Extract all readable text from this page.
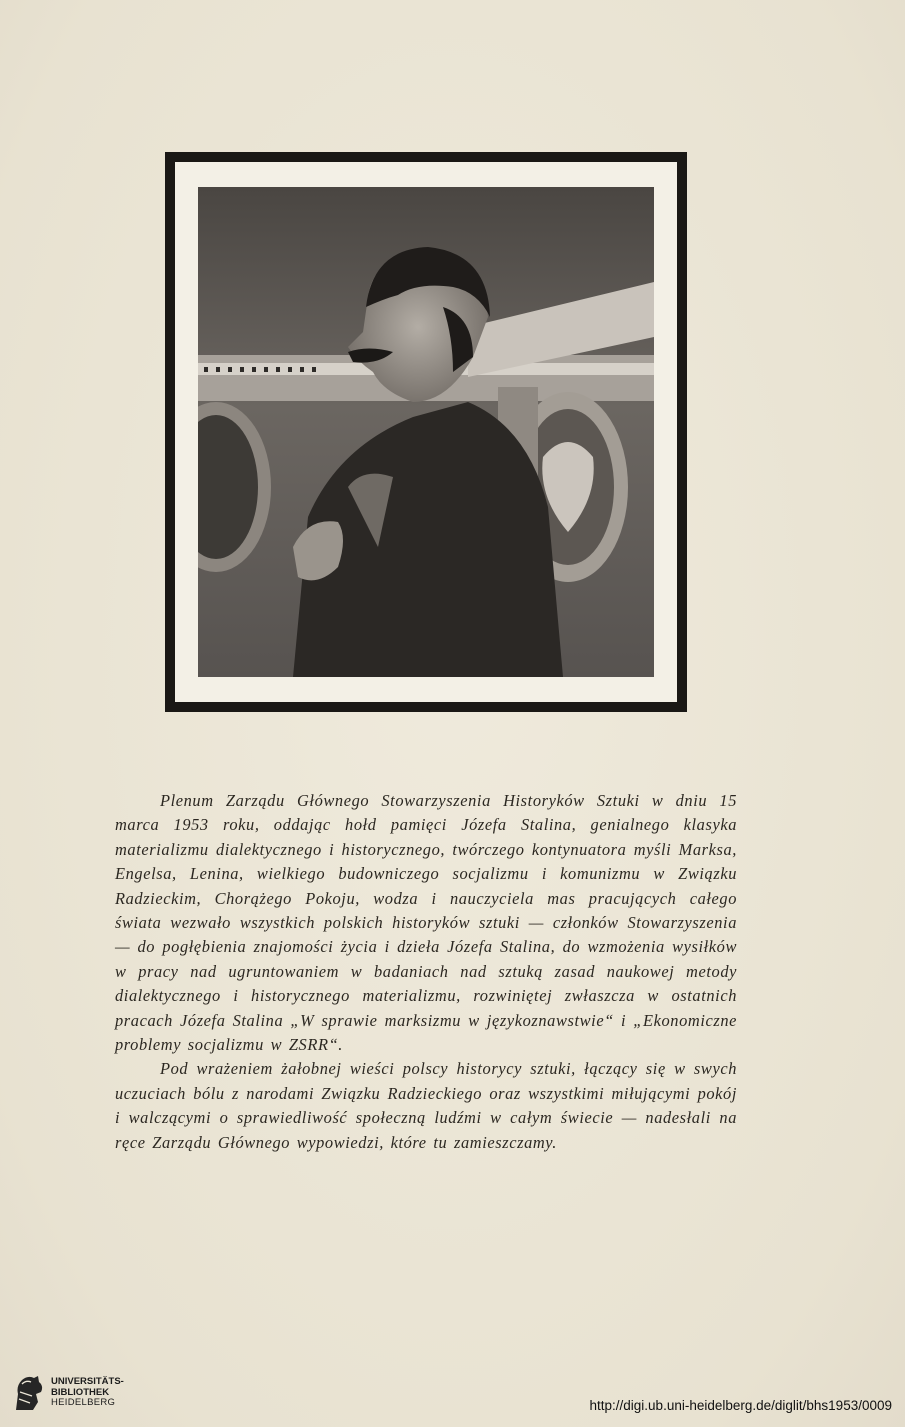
Plenum Zarządu Głównego Stowarzyszenia Historyków Sztuki w dniu 15 marca 1953 roku, oddając hołd pamięci Józefa Stalina, genialnego klasyka materializmu dialektycznego i historycznego, twórczego kontynuatora myśli Marksa, Engelsa, Lenina, wielkiego budowniczego socjalizmu i komunizmu w Związku Radzieckim, Chorążego Pokoju, wodza i nauczyciela mas pracujących całego świata wezwało wszystkich polskich historyków sztuki — członków Stowarzyszenia — do pogłębienia znajomości życia i dzieła Józefa Stalina, do wzmożenia wysiłków w pracy nad ugruntowaniem w badaniach nad sztuką zasad naukowej metody dialektycznego i historycznego materializmu, rozwiniętej zwłaszcza w ostatnich pracach Józefa Stalina „W sprawie marksizmu w językoznawstwie“ i „Ekonomiczne problemy socjalizmu w ZSRR“.

Pod wrażeniem żałobnej wieści polscy historycy sztuki, łączący się w swych uczuciach bólu z narodami Związku Radzieckiego oraz wszystkimi miłującymi pokój i walczącymi o sprawiedliwość społeczną ludźmi w całym świecie — nadesłali na ręce Zarządu Głównego wypowiedzi, które tu zamieszczamy.

UNIVERSITÄTS-
BIBLIOTHEK
HEIDELBERG	http://digi.ub.uni-heidelberg.de/diglit/bhs1953/0009
